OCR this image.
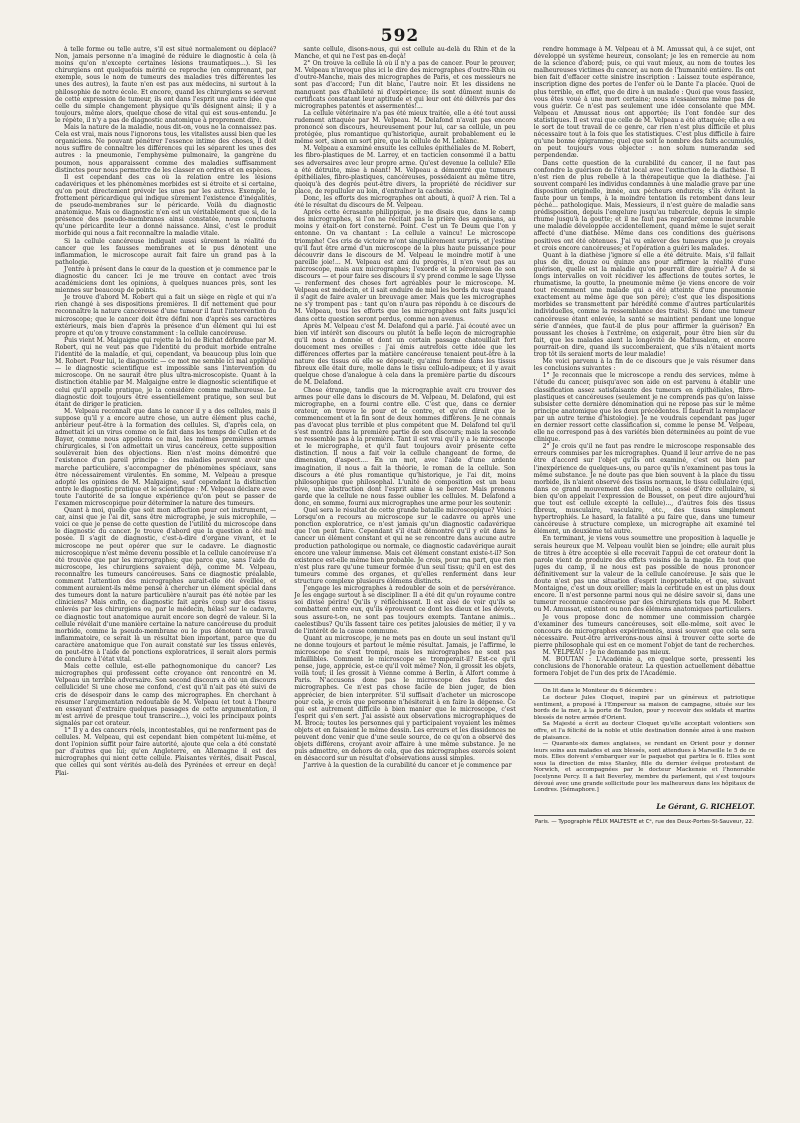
592

à telle forme ou telle autre, s'il est situé normalement ou déplacé? Non, jamais personne n'a imaginé de réduire le diagnostic à cela (à moins qu'on n'excepte certaines lésions traumatiques...). Si les chirurgiens ont quelquefois mérité ce reproche (en comprenant, par exemple, sous le nom de tumeurs des maladies très différentes les unes des autres), la faute n'en est pas aux médecins, ni surtout à la philosophie de notre école. Et encore, quand les chirurgiens se servent de cette expression de tumeur, ils ont dans l'esprit une autre idée que celle du simple changement physique qu'ils désignent ainsi; il y a toujours, même alors, quelque chose de vital qui est sous-entendu. Je le répète, il n'y a pas de diagnostic anatomique à proprement dire.

Mais la nature de la maladie, nous dit-on, vous ne la connaissez pas. Cela est vrai, mais nous l'ignorons tous, les vitalistes aussi bien que les organiciens. Ne pouvant pénétrer l'essence intime des choses, il doit nous suffire de connaître les différences qui les séparent les unes des autres : la pneumonie, l'emphysème pulmonaire, la gangrène du poumon, nous apparaissent comme des maladies suffisamment distinctes pour nous permettre de les classer en ordres et en espèces.

Il est cependant des cas où la relation entre les lésions cadavériques et les phénomènes morbides est si étroite et si certaine, qu'on peut directement prévoir les unes par les autres. Exemple, le frottement péricardique qui indique sûrement l'existence d'inégalités, de pseudo-membranes sur le péricarde. Voilà du diagnostic anatomique. Mais ce diagnostic n'en est un véritablement que si, de la présence des pseudo-membranes ainsi constatée, nous concluons qu'une péricardite leur a donné naissance. Ainsi, c'est le produit morbide qui nous a fait reconnaître la maladie vitale.

Si la cellule cancéreuse indiquait aussi sûrement la réalité du cancer que les fausses membranes et le pus dénotent une inflammation, le microscope aurait fait faire un grand pas à la pathologie.

J'entre à présent dans le cœur de la question et je commence par le diagnostic du cancer. Ici je me trouve en contact avec trois académiciens dont les opinions, à quelques nuances près, sont les miennes sur beaucoup de points.

Je trouve d'abord M. Robert qui a fait un siège en règle et qui n'a rien changé à ses dispositions premières. Il dit nettement que pour reconnaître la nature cancéreuse d'une tumeur il faut l'intervention du microscope; que le cancer doit être défini non d'après ses caractères extérieurs, mais bien d'après la présence d'un élément qui lui est propre et qu'on y trouve constamment : la cellule cancéreuse.

Puis vient M. Malgaigne qui rejette la loi de Bichat défendue par M. Robert, qui ne veut pas que l'identité du produit morbide entraîne l'identité de la maladie, et qui, cependant, va beaucoup plus loin que M. Robert. Pour lui, le diagnostic — ce mot me semble ici mal appliqué — le diagnostic scientifique est impossible sans l'intervention du microscope. On ne saurait être plus ultra-microscopiste. Quant à la distinction établie par M. Malgaigne entre le diagnostic scientifique et celui qu'il appelle pratique, je la considère comme malheureuse. Le diagnostic doit toujours être essentiellement pratique, son seul but étant de diriger le praticien.

M. Velpeau reconnaît que dans le cancer il y a des cellules, mais il suppose qu'il y a encore autre chose, un autre élément plus caché, antérieur peut-être à la formation des cellules. Si, d'après cela, on admettait ici un virus comme on le fait dans les temps de Cullen et de Bayer, comme nous appelions ce mal, les mêmes premières armes chirurgicales, si l'on admettait un virus cancéreux, cette supposition soulèverait bien des objections. Rien n'est moins démontré que l'existence d'un pareil principe : des maladies peuvent avoir une marche particulière, s'accompagner de phénomènes spéciaux, sans être nécessairement virulentes. En somme, M. Velpeau a presque adopté les opinions de M. Malgaigne, sauf cependant la distinction entre le diagnostic pratique et le scientifique : M. Velpeau déclare avec toute l'autorité de sa longue expérience qu'on peut se passer de l'examen microscopique pour déterminer la nature des tumeurs.

Quant à moi, quelle que soit mon affection pour cet instrument, — car, ainsi que je l'ai dit, sans être micrographe, je suis microphile, — voici ce que je pense de cette question de l'utilité du microscope dans le diagnostic du cancer. Je trouve d'abord que la question a été mal posée. Il s'agit de diagnostic, c'est-à-dire d'organe vivant, et le microscope ne peut opérer que sur le cadavre. Le diagnostic microscopique n'est même devenu possible et la cellule cancéreuse n'a été trouvée que par les micrographes; que parce que, sans l'aide du microscope, les chirurgiens savaient déjà, comme M. Velpeau, reconnaître les tumeurs cancéreuses. Sans ce diagnostic préalable, comment l'attention des micrographes aurait-elle été éveillée, et comment auraient-ils même pensé à chercher un élément spécial dans des tumeurs dont la nature particulière n'aurait pas été notée par les cliniciens? Mais enfin, ce diagnostic fait après coup sur des tissus enlevés par les chirurgiens ou, par le médecin, hélas! sur le cadavre, ce diagnostic tout anatomique aurait encore son degré de valeur. Si la cellule révélait d'une manière certaine la nature cancéreuse du produit morbide, comme la pseudo-membrane ou le pus dénotent un travail inflammatoire, ce serait là un résultat bien important, parce que du caractère anatomique que l'on aurait constaté sur les tissus enlevés, on peut-être à l'aide de ponctions exploratrices, il serait alors permis de conclure à l'état vital.

Mais cette cellule, est-elle pathognomonique du cancer? Les micrographes qui professent cette croyance ont rencontré en M. Velpeau un terrible adversaire. Son second discours a été un discours cellulicide! Si une chose me confond, c'est qu'il n'ait pas été suivi de cris de désespoir dans le camp des micrographes. En cherchant à résumer l'argumentation redoutable de M. Velpeau (et tout à l'heure en essayant d'extraire quelques passages de cette argumentation, il m'est arrivé de presque tout transcrire...), voici les principaux points signalés par cet orateur.

1° Il y a des cancers réels, incontestables, qui ne renferment pas de cellules. M. Velpeau, qui est cependant bien compétent lui-même, et dont l'opinion suffit pour faire autorité, ajoute que cela a été constaté par d'autres que lui; qu'en Angleterre, en Allemagne il est des micrographes qui nient cette cellule. Plaisantes vérités, disait Pascal, que celles qui sont vérités au-delà des Pyrénées et erreur en deçà! Plai-

sante cellule, disons-nous, qui est cellule au-delà du Rhin et de la Manche, et qui ne l'est pas en-deçà!

2° On trouve la cellule là où il n'y a pas de cancer. Pour le prouver, M. Velpeau n'invoque plus ici le dire des micrographes d'outre-Rhin ou d'outre-Manche, mais des micrographes de Paris, et ces messieurs ne sont pas d'accord; l'un dit blanc, l'autre noir. Et les dissidens ne manquent pas d'habileté ni d'expérience; ils sont dûment munis de certificats constatant leur aptitude et qui leur ont été délivrés par des micrographes patentés et assermentés!...

La cellule vétérinaire n'a pas été mieux traitée, elle a été tout aussi rudement attaquée par M. Velpeau. M. Delafond n'avait pas encore prononcé son discours, heureusement pour lui, car sa cellule, un peu protégée, plus romantique qu'historique, aurait probablement eu le même sort, sinon un sort pire, que la cellule de M. Leblanc.

M. Velpeau a examiné ensuite les cellules épithéliales de M. Robert, les fibro-plastiques de M. Larrey, et en tacticien consommé il a battu ses adversaires avec leur propre arme. Qu'est devenue la cellule? Elle a été détruite, mise à néant! M. Velpeau a démontré que tumeurs épithéliales, fibro-plastiques, cancéreuses, possédaient au même titre, quoiqu'à des degrés peut-être divers, la propriété de récidiver sur place, de repulluler au loin, d'entraîner la cachexie.

Donc, les efforts des micrographes ont abouti, à quoi? À rien. Tel a été le résultat du discours de M. Velpeau.

Après cette écrasante philippique, je me disais que, dans le camp des micrographes, si l'on ne récitait pas la prière des agonisans, au moins y était-on fort consterné. Point. C'est un Te Deum que l'on y entonne. On va chantant : La cellule a vaincu! Le microscope triomphe! Ces cris de victoire m'ont singulièrement surpris, et j'estime qu'il faut être armé d'un microscope de la plus haute puissance pour découvrir dans le discours de M. Velpeau le moindre motif à une pareille joie!... M. Velpeau est ami du progrès, il n'en veut pas au microscope, mais aux micrographes; l'exorde et la péroraison de son discours — et pour faire ses discours il s'y prend comme le sage Ulysse — renferment des choses fort agréables pour le microscope. M. Velpeau est médecin, et il sait enduire de miel les bords du vase quand il s'agit de faire avaler un breuvage amer. Mais que les micrographes ne s'y trompent pas : tant qu'on n'aura pas répondu à ce discours de M. Velpeau, tous les efforts que les micrographes ont faits jusqu'ici dans cette question seront perdus, comme non avenus.

Après M. Velpeau c'est M. Delafond qui a parlé. J'ai écouté avec un bien vif intérêt son discours ou plutôt la belle leçon de micrographie qu'il nous a donnée et dont un certain passage chatouillait fort doucement mes oreilles : j'ai émis autrefois cette idée que les différences offertes par la matière cancéreuse tenaient peut-être à la nature des tissus où elle se déposait; qu'ainsi formée dans les tissus fibreux elle était dure, molle dans le tissu cellulo-adipeux; et il y avait quelque chose d'analogue à cela dans la première partie du discours de M. Delafond.

Chose étrange, tandis que la micrographie avait cru trouver des armes pour elle dans le discours de M. Velpeau, M. Delafond, qui est micrographe, en a fourni contre elle. C'est que, dans ce dernier orateur, on trouve le pour et le contre, et qu'on dirait que le commencement et la fin sont de deux hommes différens. Je ne connais pas d'avocat plus terrible et plus compétent que M. Delafond tel qu'il s'est montré dans la première partie de son discours; mais la seconde ne ressemble pas à la première. Tant il est vrai qu'il y a le microscope et le micrographe, et qu'il faut toujours avoir présente cette distinction. Il nous a fait voir la cellule changeant de forme, de dimension, d'aspect.... En un mot, avec l'aide d'une ardente imagination, il nous a fait la théorie, le roman de la cellule. Son discours a été plus romantique qu'historique, je l'ai dit, moins philosophique que philosophal. L'unité de composition est un beau rêve, une abstraction dont l'esprit aime à se bercer. Mais prenons garde que la cellule ne nous fasse oublier les cellules. M. Delafond a donc, en somme, fourni aux micrographes une arme pour les soutenir.

Quel sera le résultat de cette grande bataille microscopique? Voici : Lorsqu'on a recours au microscope sur le cadavre ou après une ponction exploratrice, ce n'est jamais qu'un diagnostic cadavérique que l'on peut faire. Cependant s'il était démontré qu'il y eût dans le cancer un élément constant et qui ne se rencontre dans aucune autre production pathologique ou normale, ce diagnostic cadavérique aurait encore une valeur immense. Mais cet élément constant existe-t-il? Son existence est-elle même bien probable. Je crois, pour ma part, que rien n'est plus rare qu'une tumeur formée d'un seul tissu; qu'il en est des tumeurs comme des organes, et qu'elles renferment dans leur structure complexe plusieurs élémens distincts.

J'engage les micrographes à redoubler de soin et de persévérance. Je les engage surtout à se discipliner. Il a été dit qu'un royaume contre soi divisé périra! Qu'ils y réfléchissent. Il est aisé de voir qu'ils se combattent entre eux, qu'ils éprouvent ce dont les dieux et les dévots, sous assure-t-on, ne sont pas toujours exempts. Tantane animis... caelestibus? Qu'ils fassent taire ces petites jalousies de métier, il y va de l'intérêt de la cause commune.

Quant au microscope, je ne mets pas en doute un seul instant qu'il ne donne toujours et partout le même résultat. Jamais, je l'affirme, le microscope ne s'est trompé, mais les micrographes ne sont pas infaillibles. Comment le microscope se tromperait-il? Est-ce qu'il pense, juge, apprécie, est-ce qu'il voit même? Non, il grossit les objets, voilà tout; il les grossit à Vienne comme à Berlin, à Alfort comme à Paris. N'accusons donc pas le microscope des fautes des micrographes. Ce n'est pas chose facile de bien juger, de bien apprécier, de bien interpréter. S'il suffisait d'acheter un microscope pour cela, je crois que personne n'hésiterait à en faire la dépense. Ce qui est autrement difficile à bien manier que le microscope, c'est l'esprit qui s'en sert. J'ai assisté aux observations micrographiques de M. Broca; toutes les personnes qui y participaient voyaient les mêmes objets et en faisaient le même dessin. Les erreurs et les dissidences ne peuvent donc venir que d'une seule source, de ce qu'on a observé des objets différens, croyant avoir affaire à une même substance. Je ne puis admettre, en dehors de cela, que des micrographes exercés soient en désaccord sur un résultat d'observations aussi simples.

J'arrive à la question de la curabilité du cancer et je commence par

rendre hommage à M. Velpeau et à M. Amussat qui, à ce sujet, ont développé un système heureux, consolant; je les en remercie au nom de la science d'abord; puis, ce qui vaut mieux, au nom de toutes les malheureuses victimes du cancer, au nom de l'humanité entière. Ils ont bien fait d'effacer cette sinistre inscription : Laissez toute espérance, inscription digne des portes de l'enfer où le Dante l'a placée. Quoi de plus terrible, en effet, que de dire à un malade : Quoi que vous fassiez, vous êtes voué à une mort certaine; nous n'essaierons même pas de vous guérir. Ce n'est pas seulement une idée consolante que MM. Velpeau et Amussat nous ont apportée; ils l'ont fondée sur des statistiques. Il est vrai que celle de M. Velpeau a été attaquée; elle a eu le sort de tout travail de ce genre, car rien n'est plus difficile et plus nécessaire tout à la fois que les statistiques. C'est plus difficile à faire qu'une bonne épigramme; quel que soit le nombre des faits accumulés, on peut toujours vous objecter : non solum numerandæ sed perpendendæ.

Dans cette question de la curabilité du cancer, il ne faut pas confondre la guérison de l'état local avec l'extinction de la diathèse. Il n'est rien de plus rebelle à la thérapeutique que la diathèse. J'ai souvent comparé les individus condamnés à une maladie grave par une disposition originelle, innée, aux pécheurs endurcis; s'ils évitent la faute pour un temps, à la moindre tentation ils retombent dans leur péché... pathologique. Mais, Messieurs, il n'est guère de maladie sans prédisposition, depuis l'engelure jusqu'au tubercule, depuis le simple rhume jusqu'à la goutte; et il ne faut pas regarder comme incurable une maladie développée accidentellement, quand même le sujet serait affecté d'une diathèse. Même dans ces conditions des guérisons positives ont été obtenues. J'ai vu enlever des tumeurs que je croyais et crois encore cancéreuses; et l'opération a guéri les malades.

Quant à la diathèse j'ignore si elle a été détruite. Mais, s'il fallait plus de dix, douze ou quinze ans pour affirmer la réalité d'une guérison, quelle est la maladie qu'on pourrait dire guérie? À de si longs intervalles on voit récidiver les affections de toutes sortes, le rhumatisme, la goutte, la pneumonie même (je viens encore de voir tout récemment une malade qui a été atteinte d'une pneumonie exactement au même âge que son père); c'est que les dispositions morbides se transmettent par hérédité comme d'autres particularités individuelles, comme la ressemblance des traits). Si donc une tumeur cancéreuse étant enlevée, la santé se maintient pendant une longue série d'années, que faut-il de plus pour affirmer la guérison? En poussant les choses à l'extrême, on exigerait, pour être bien sûr du fait, que les malades aient la longévité de Mathusalem, et encore pourrait-on dire, quand ils succomberaient, que s'ils n'étaient morts trop tôt ils seraient morts de leur maladie!

Me voici parvenu à la fin de ce discours que je vais résumer dans les conclusions suivantes :

1° Je reconnais que le microscope a rendu des services, même à l'étude du cancer, puisqu'avec son aide on est parvenu à établir une classification assez satisfaisante des tumeurs en épithéliales, fibro-plastiques et cancéreuses (seulement je ne comprends pas qu'on laisse subsister cette dernière dénomination qui ne repose pas sur le même principe anatomique que les deux précédentes. Il faudrait la remplacer par un autre terme d'histologie). Je ne voudrais cependant pas juger en dernier ressort cette classification si, comme le pense M. Velpeau, elle ne correspond pas à des variétés bien déterminées au point de vue clinique.

2° Je crois qu'il ne faut pas rendre le microscope responsable des erreurs commises par les micrographes. Quand il leur arrive de ne pas être d'accord sur l'objet qu'ils ont examiné, c'est ou bien par l'inexpérience de quelques-uns, ou parce qu'ils n'examinent pas tous la même substance. Je ne doute pas que bien souvent à la place du tissu morbide, ils n'aient observé des tissus normaux, le tissu cellulaire (qui, dans ce grand mouvement des cellules, a cessé d'être cellulaire, si bien qu'on appelait l'expression de Bousset, on peut dire aujourd'hui que tout est cellule excepté la cellule)..., d'autres fois des tissus fibreux, musculaire, vasculaire, etc., des tissus simplement hypertrophiés. Le hasard, la fatalité a pu faire que, dans une tumeur cancéreuse à structure complexe, un micrographe ait examiné tel élément, un deuxième tel autre.

En terminant, je viens vous soumettre une proposition à laquelle je serais heureux que M. Velpeau voulût bien se joindre; elle aurait plus de titres à être acceptée si elle recevait l'appui de cet orateur dont la parole vient de produire des effets voisins de la magie. En tout que juges du camp, il ne nous est pas possible de nous prononcer définitivement sur la valeur de la cellule cancéreuse. Je sais que le doute n'est pas une situation d'esprit inopportable, et que, suivant Montaigne, c'est un doux oreiller; mais la certitude en est un plus doux encore. Il n'est personne parmi nous qui ne désire savoir si, dans une tumeur reconnue cancéreuse par des chirurgiens tels que M. Robert ou M. Amussat, existent ou non des élémens anatomiques particuliers.

Je vous propose donc de nommer une commission chargée d'examiner des tumeurs cancéreuses, soit elle-même, soit avec le concours de micrographes expérimentés, aussi souvent que cela sera nécessaire. Peut-être arriverons-nous ainsi à trouver cette sorte de pierre philosophale qui est en ce moment l'objet de tant de recherches.

M. VELPEAU : Je ne demande pas mieux.

M. BOUTAN : L'Académie a, en quelque sorte, pressenti les conclusions de l'honorable orateur. La question actuellement débattue formera l'objet de l'un des prix de l'Académie.

On lit dans le Moniteur du 6 décembre :

Le docteur Jules Cloquet, inspiré par un généreux et patriotique sentiment, a proposé à l'Empereur sa maison de campagne, située sur les bords de la mer, à la porte de Toulon, pour y recevoir des soldats et marins blessés de notre armée d'Orient.

Sa Majesté a écrit au docteur Cloquet qu'elle acceptait volontiers son offre, et l'a félicité de la noble et utile destination donnée ainsi à une maison de plaisance.

— Quarante-six dames anglaises, se rendant en Orient pour y donner leurs soins aux malades et aux blessés, sont attendues à Marseille le 5 de ce mois. Elles doivent s'embarquer sur le paquebot qui partira le 6. Elles sont sous la direction de miss Stanley, fille du dernier évêque protestant de Norwich, et accompagnées par le docteur Mackensie et l'honorable Jocelynne Percy. Il a fait Beverley, membre du parlement, qui s'est toujours dévoué avec une grande sollicitude pour les malheureux dans les hôpitaux de Londres. [Sémaphore.]

Le Gérant, G. RICHELOT.
Paris. — Typographie FÉLIX MALTESTE et Cᵉ, rue des Deux-Portes-St-Sauveur, 22.
